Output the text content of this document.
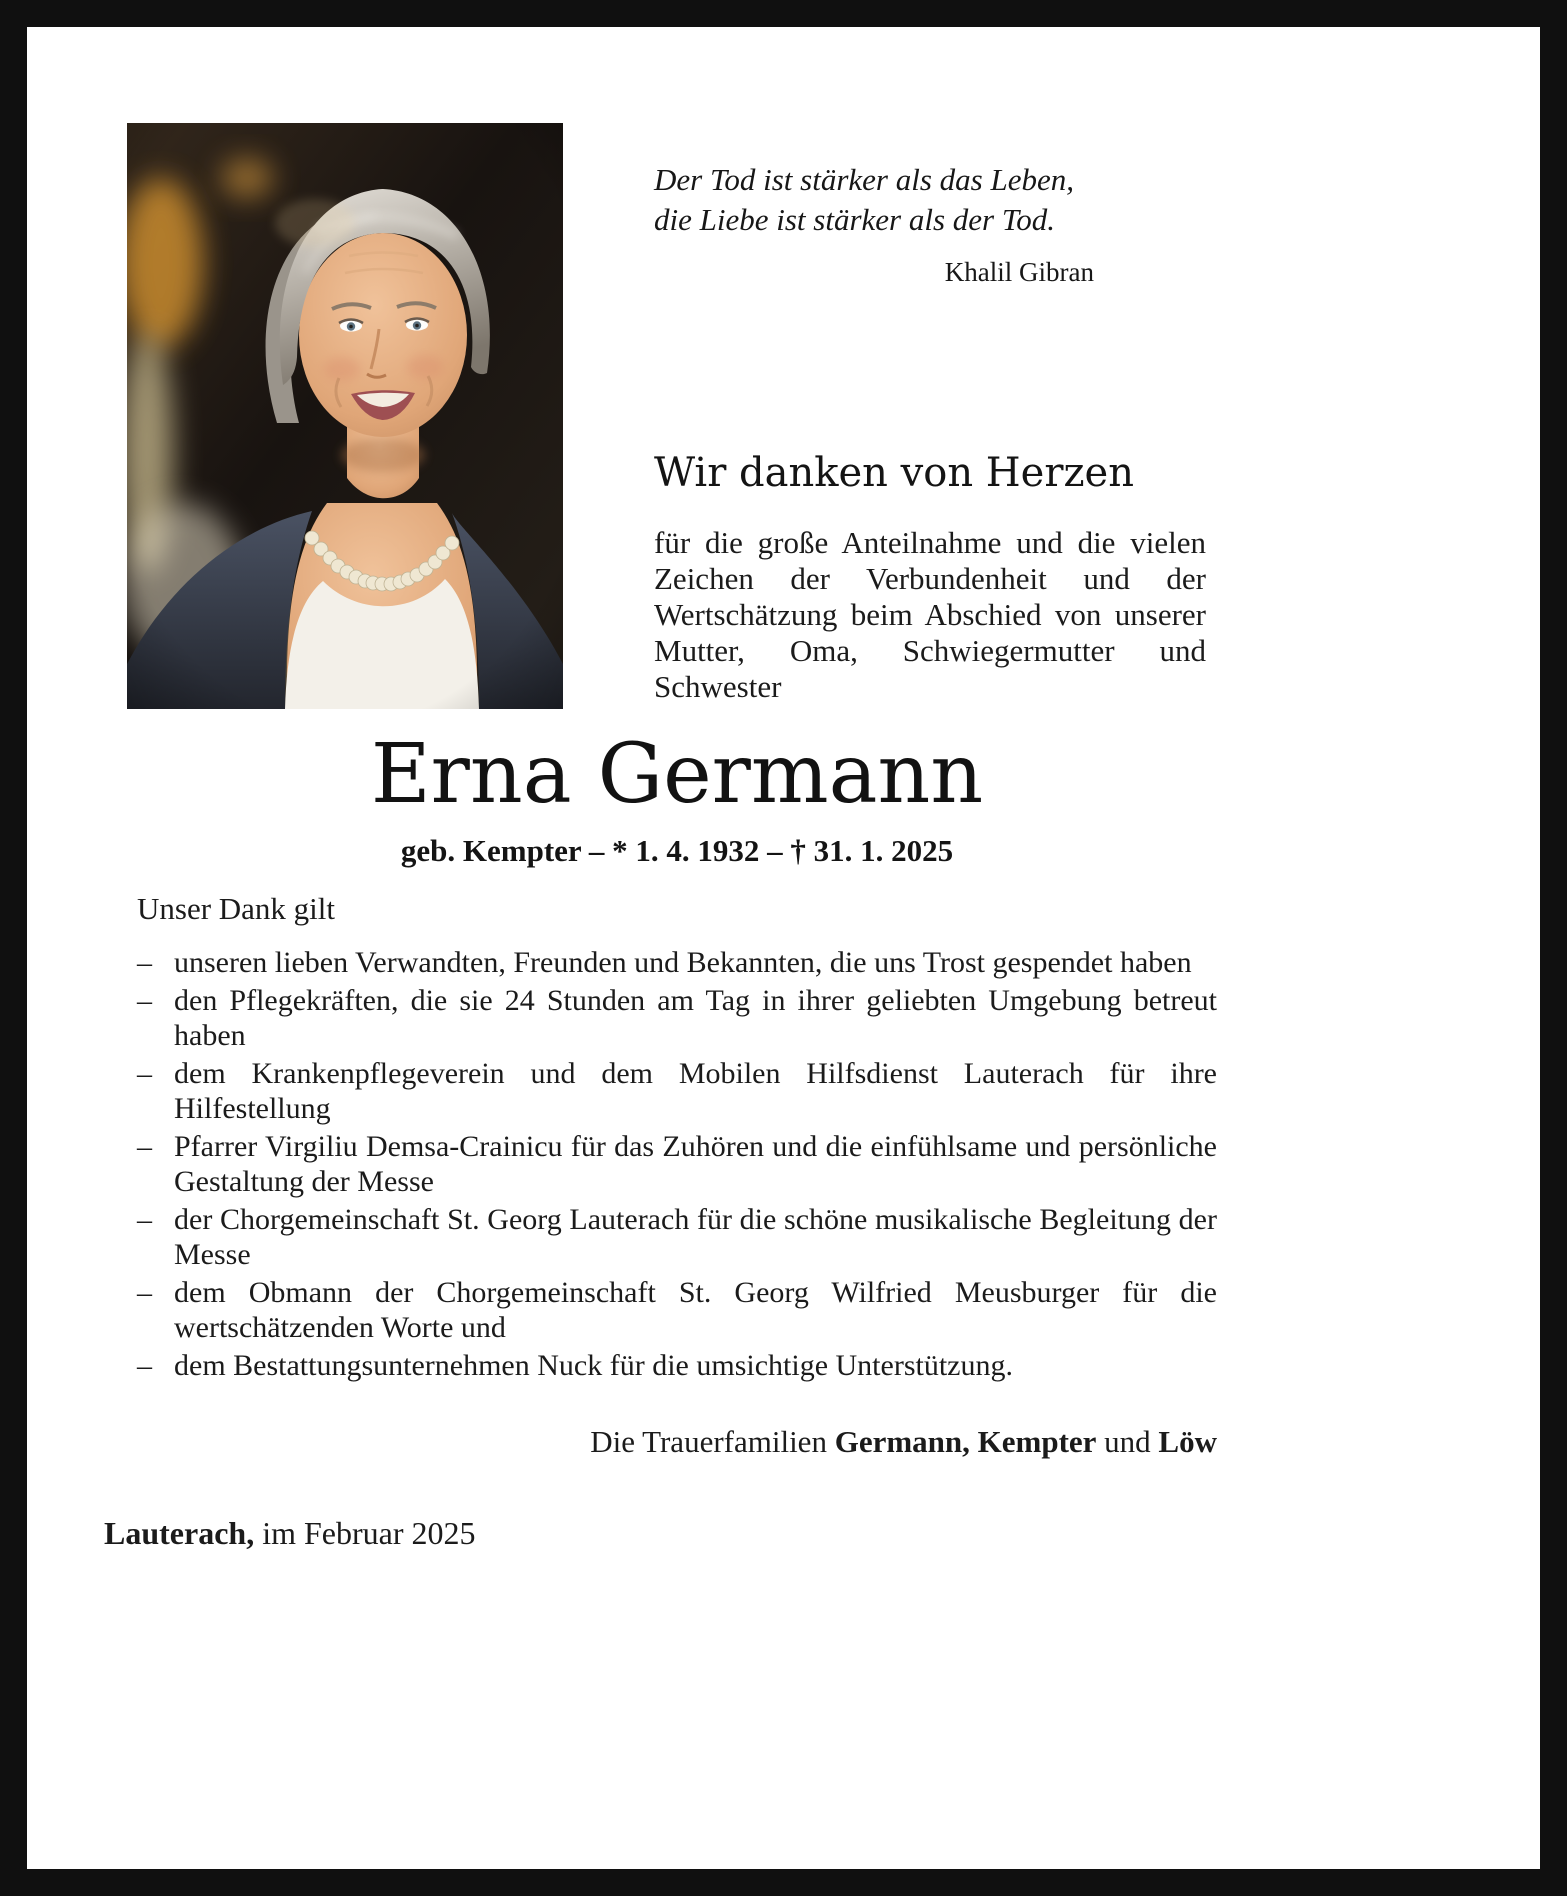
Der Tod ist stärker als das Leben,
die Liebe ist stärker als der Tod.
Khalil Gibran
Wir danken von Herzen
für die große Anteilnahme und die vielen Zeichen der Verbundenheit und der Wertschätzung beim Abschied von unserer Mutter, Oma, Schwiegermutter und Schwester
Erna Germann
geb. Kempter – * 1. 4. 1932 – † 31. 1. 2025
Unser Dank gilt
– unseren lieben Verwandten, Freunden und Bekannten, die uns Trost gespendet haben
– den Pflegekräften, die sie 24 Stunden am Tag in ihrer geliebten Umgebung betreut haben
– dem Krankenpflegeverein und dem Mobilen Hilfsdienst Lauterach für ihre Hilfestellung
– Pfarrer Virgiliu Demsa-Crainicu für das Zuhören und die einfühlsame und persönliche Gestaltung der Messe
– der Chorgemeinschaft St. Georg Lauterach für die schöne musikalische Begleitung der Messe
– dem Obmann der Chorgemeinschaft St. Georg Wilfried Meusburger für die wertschätzenden Worte und
– dem Bestattungsunternehmen Nuck für die umsichtige Unterstützung.
Die Trauerfamilien Germann, Kempter und Löw
Lauterach, im Februar 2025
